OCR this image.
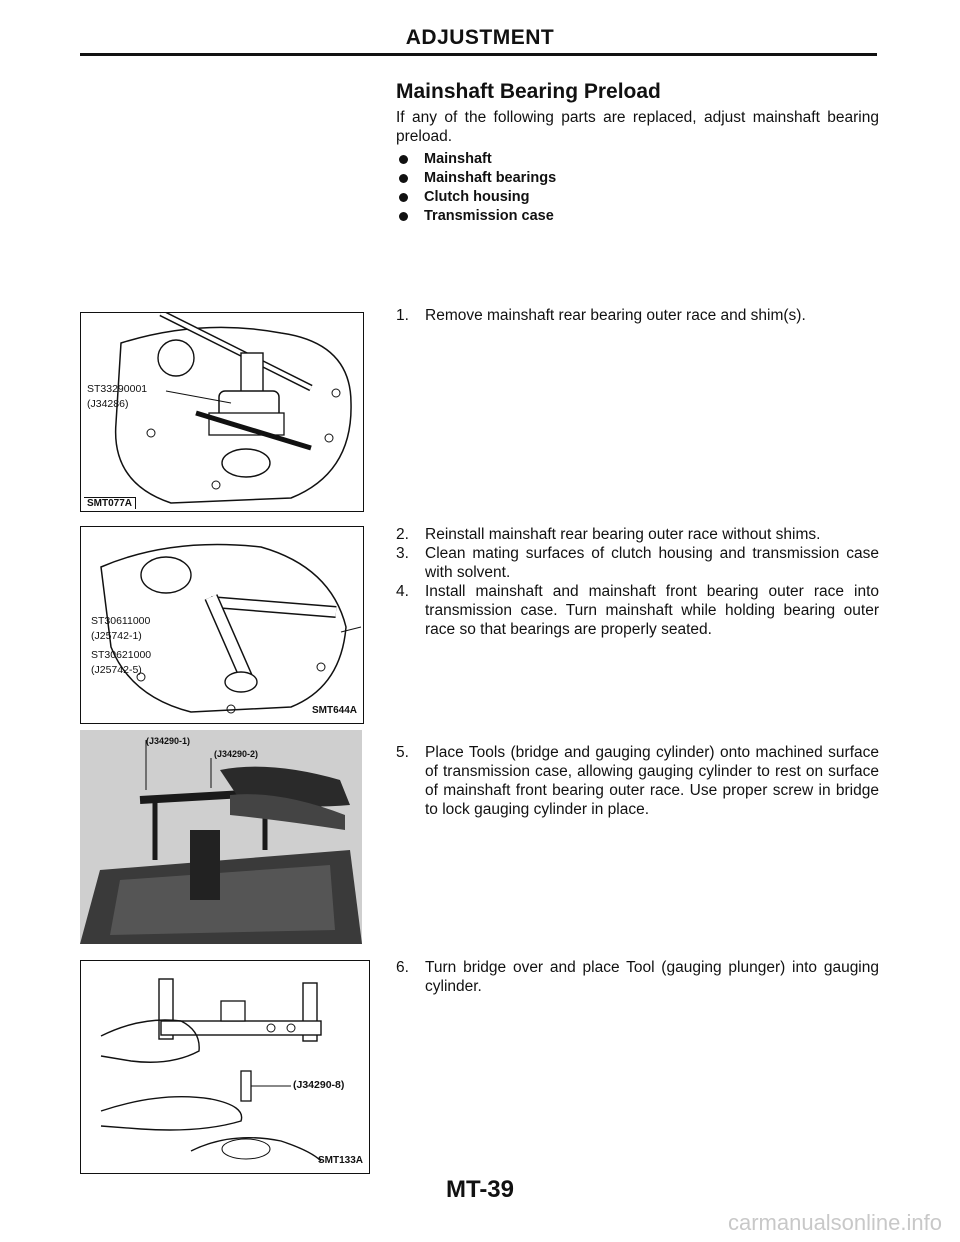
ADJUSTMENT
Mainshaft Bearing Preload
If any of the following parts are replaced, adjust mainshaft bearing preload.
Mainshaft
Mainshaft bearings
Clutch housing
Transmission case
1. Remove mainshaft rear bearing outer race and shim(s).
2. Reinstall mainshaft rear bearing outer race without shims.
3. Clean mating surfaces of clutch housing and transmission case with solvent.
4. Install mainshaft and mainshaft front bearing outer race into transmission case. Turn mainshaft while holding bearing outer race so that bearings are properly seated.
5. Place Tools (bridge and gauging cylinder) onto machined surface of transmission case, allowing gauging cylinder to rest on surface of mainshaft front bearing outer race. Use proper screw in bridge to lock gauging cylinder in place.
6. Turn bridge over and place Tool (gauging plunger) into gauging cylinder.
ST33290001
(J34286)
SMT077A
ST30611000
(J25742-1)
ST30621000
(J25742-5)
SMT644A
(J34290-1)
(J34290-2)
(J34290-8)
SMT133A
MT-39
carmanualsonline.info
